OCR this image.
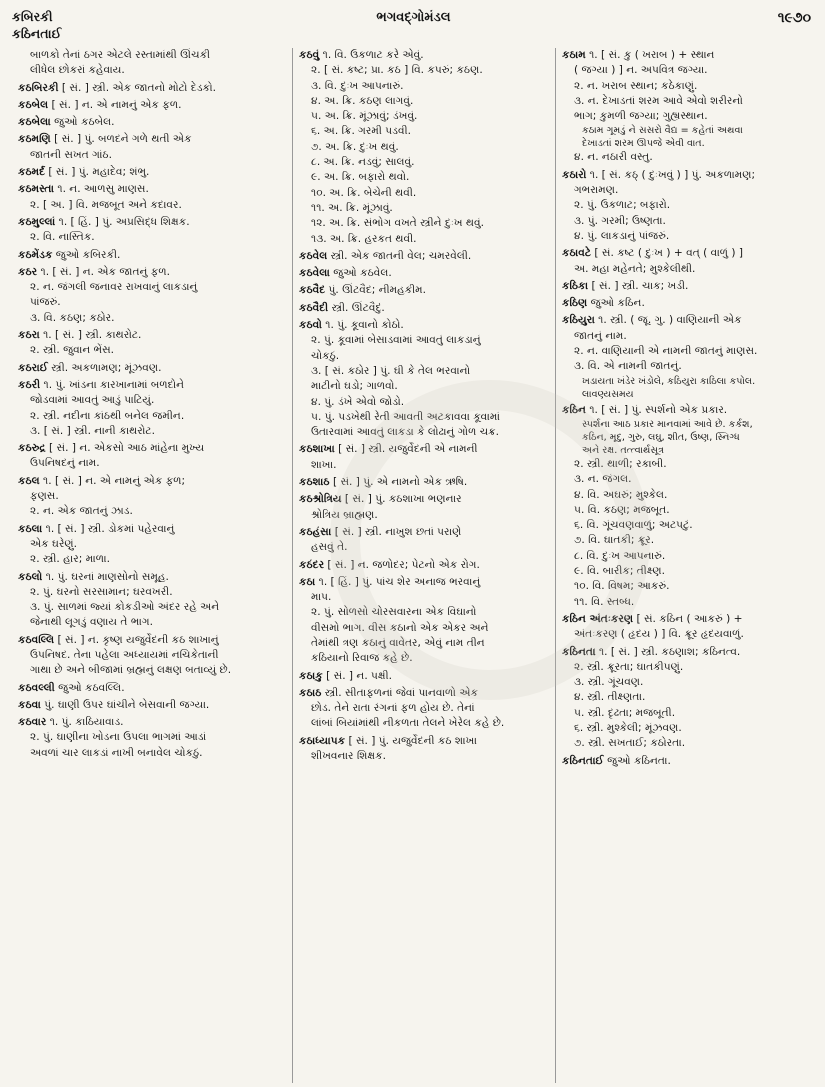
કબિરકી
કઠિનતાઈ
ભગવદ્ગોમંડલ	૧૯૭૦
બાળકો તેનાં ઠગર એટલે રસ્તામાંથી ઊંચકી
લીધેલ છોકરાં કહેવાય.
કઠબિરકી [ સં. ] સ્ત્રી. એક જાતનો મોટો દેડકો.
કઠબેલ [ સં. ] ન. એ નામનું એક ફળ.
કઠબેલા જુઓ કઠબેલ.
કઠમણિ [ સં. ] પું. બળદને ગળે થતી એક
જાતની સખત ગાંઠ.
કઠમર્દ [ સં. ] પું. મહાદેવ; શંભુ.
કઠમસ્તા ૧. ન. આળસુ માણસ.
૨. [ અ. ] વિ. મજબૂત અને કદાવર.
કઠમુલ્લાં ૧. [ હિં. ] પું. અપ્રસિદ્ધ શિક્ષક.
૨. વિ. નાસ્તિક.
કઠમેંડક જુઓ કબિરકી.
કઠર ૧. [ સં. ] ન. એક જાતનું ફળ.
૨. ન. જંગલી જનાવર રાખવાનું લાકડાનું
પાંજરું.
૩. વિ. કઠણ; કઠોર.
કઠરા ૧. [ સં. ] સ્ત્રી. કાથરોટ.
૨. સ્ત્રી. જુવાન ભેંસ.
કઠરાઈ સ્ત્રી. અકળામણ; મૂંઝવણ.
કઠરી ૧. પું. ખાંડના કારખાનામાં બળદોને
જોડવામાં આવતું આડું પાટિયું.
૨. સ્ત્રી. નદીના કાંઠથી બનેલ જમીન.
૩. [ સં. ] સ્ત્રી. નાની કાથરોટ.
કઠરુદ્ર [ સં. ] ન. એકસો આઠ માંહેના મુખ્ય
ઉપનિષદનું નામ.
કઠલ ૧. [ સં. ] ન. એ નામનું એક ફળ;
ફણસ.
૨. ન. એક જાતનું ઝાડ.
કઠલા ૧. [ સં. ] સ્ત્રી. ડોકમાં પહેરવાનું
એક ઘરેણું.
૨. સ્ત્રી. હાર; માળા.
કઠલો ૧. પું. ઘરનાં માણસોનો સમૂહ.
૨. પું. ઘરનો સરસામાન; ઘરવખરી.
૩. પું. સાળમાં જ્યાં કોકડીઓ અંદર રહે અને
જેનાથી લૂગડું વણાય તે ભાગ.
કઠવલ્લિ [ સં. ] ન. કૃષ્ણ યજુર્વેદની કઠ શાખાનું
ઉપનિષદ. તેના પહેલા અધ્યાયમાં નચિકેતાની
ગાથા છે અને બીજામાં બ્રહ્મનું લક્ષણ બતાવ્યું છે.
કઠવલ્લી જુઓ કઠવલ્લિ.
કઠવા પું. ઘાણી ઉપર ઘાંચીને બેસવાની જગ્યા.
કઠવાર ૧. પું. કાઠિયાવાડ.
૨. પું. ઘાણીના ખોડના ઉપલા ભાગમાં આડાં
અવળાં ચાર લાકડાં નાખી બનાવેલ ચોકઠું.
કઠવું ૧. વિ. ઉકળાટ કરે એવું.
૨. [ સં. કષ્ટ; પ્રા. કઠ ] વિ. કપરું; કઠણ.
૩. વિ. દુઃખ આપનારું.
૪. અ. ક્રિ. કઠણ લાગવું.
૫. અ. ક્રિ. મૂંઝાવું; ડંખવું.
૬. અ. ક્રિ. ગરમી પડવી.
૭. અ. ક્રિ. દુઃખ થવું.
૮. અ. ક્રિ. નડવું; સાલવું.
૯. અ. ક્રિ. બફારો થવો.
૧૦. અ. ક્રિ. બેચેની થવી.
૧૧. અ. ક્રિ. મૂંઝાવું.
૧૨. અ. ક્રિ. સંભોગ વખતે સ્ત્રીને દુઃખ થવું.
૧૩. અ. ક્રિ. હરકત થવી.
કઠવેલ સ્ત્રી. એક જાતની વેલ; ચમરવેલી.
કઠવેલા જુઓ કઠવેલ.
કઠવૈદ પું. ઊંટવૈદ; નીમહકીમ.
કઠવૈદી સ્ત્રી. ઊંટવૈદું.
કઠવો ૧. પું. કૂવાનો કોઠો.
૨. પું. કૂવામાં બેસાડવામાં આવતું લાકડાનું
ચોકઠું.
૩. [ સં. કઠોર ] પું. ઘી કે તેલ ભરવાનો
માટીનો ઘડો; ગાળવો.
૪. પું. ડંખે એવો જોડો.
૫. પું. પડખેથી રેતી આવતી અટકાવવા કૂવામાં
ઉતારવામાં આવતું લાકડા કે લોઢાનું ગોળ ચક્ર.
કઠશાખા [ સં. ] સ્ત્રી. યજુર્વેદની એ નામની
શાખા.
કઠશાઠ [ સં. ] પું. એ નામનો એક ઋષિ.
કઠશ્રોત્રિય [ સં. ] પું. કઠશાખા ભણનાર
શ્રોત્રિય બ્રાહ્મણ.
કઠહંસા [ સં. ] સ્ત્રી. નાખુશ છતાં પરાણે
હસવું તે.
કઠંદર [ સં. ] ન. જળોદર; પેટનો એક રોગ.
કઠા ૧. [ હિં. ] પું. પાંચ શેર અનાજ ભરવાનું
માપ.
૨. પું. સોળસો ચોરસવારના એક વિઘાનો
વીસમો ભાગ. વીસ કઠાનો એક એકર અને
તેમાંથી ત્રણ કઠાનું વાવેતર, એવું નામ તીન
કઠિયાનો રિવાજ કહે છે.
કઠાકુ [ સં. ] ન. પક્ષી.
કઠાઠ સ્ત્રી. સીતાફળનાં જેવાં પાનવાળો એક
છોડ. તેને રાતા રંગનાં ફળ હોય છે. તેનાં
લાંબાં બિયાંમાંથી નીકળતા તેલને ખેરેલ કહે છે.
કઠાધ્યાપક [ સં. ] પું. યજુર્વેદની કઠ શાખા
શીખવનાર શિક્ષક.
કઠામ ૧. [ સં. કુ ( ખરાબ ) + સ્થાન
( જગ્યા ) ] ન. અપવિત્ર જગ્યા.
૨. ન. ખરાબ સ્થાન; કઠેકાણું.
૩. ન. દેખાડતાં શરમ આવે એવો શરીરનો
ભાગ; કુમળી જગ્યા; ગુહ્યસ્થાન.
કઠામ ગૂમડું ને સસરો વૈદ્ય = કહેતાં અથવા
દેખાડતાં શરમ ઊપજે એવી વાત.
૪. ન. નઠારી વસ્તુ.
કઠારો ૧. [ સં. કઠ્ ( દુઃખવું ) ] પું. અકળામણ;
ગભરામણ.
૨. પું. ઉકળાટ; બફારો.
૩. પું. ગરમી; ઉષ્ણતા.
૪. પું. લાકડાનું પાંજરું.
કઠાવટે [ સં. કષ્ટ ( દુઃખ ) + વત્ ( વાળું ) ]
અ. મહા મહેનતે; મુશ્કેલીથી.
કઠિકા [ સં. ] સ્ત્રી. ચાક; ખડી.
કઠિણ જુઓ કઠિન.
કઠિયુરા ૧. સ્ત્રી. ( જૂ. ગુ. ) વાણિયાની એક
જાતનું નામ.
૨. ન. વાણિયાની એ નામની જાતનું માણસ.
૩. વિ. એ નામની જાતનું.
ખડાયતા ખંડેર ખંડોલે, કઠિયુરા કાઠિલા કપોલ.
લાવણ્યસમય
કઠિન ૧. [ સં. ] પું. સ્પર્શનો એક પ્રકાર.
સ્પર્શના આઠ પ્રકાર માનવામાં આવે છે. કર્કશ,
કઠિન, મૃદુ, ગુરુ, લઘુ, શીત, ઉષ્ણ, સ્નિગ્ધ
અને રક્ષ. તત્ત્વાર્થસૂત્ર
૨. સ્ત્રી. થાળી; રકાબી.
૩. ન. જંગલ.
૪. વિ. અઘરું; મુશ્કેલ.
૫. વિ. કઠણ; મજબૂત.
૬. વિ. ગૂંચવણવાળું; અટપટું.
૭. વિ. ઘાતકી; ક્રૂર.
૮. વિ. દુઃખ આપનારું.
૯. વિ. બારીક; તીક્ષ્ણ.
૧૦. વિ. વિષમ; આકરું.
૧૧. વિ. સ્તબ્ધ.
કઠિન અંતઃકરણ [ સં. કઠિન ( આકરું ) +
અંતઃકરણ ( હૃદય ) ] વિ. ક્રૂર હૃદયવાળું.
કઠિનતા ૧. [ સં. ] સ્ત્રી. કઠણાશ; કઠિનત્વ.
૨. સ્ત્રી. ક્રૂરતા; ઘાતકીપણું.
૩. સ્ત્રી. ગૂંચવણ.
૪. સ્ત્રી. તીક્ષ્ણતા.
૫. સ્ત્રી. દૃઢતા; મજબૂતી.
૬. સ્ત્રી. મુશ્કેલી; મૂંઝવણ.
૭. સ્ત્રી. સખતાઈ; કઠોરતા.
કઠિનતાઈ જુઓ કઠિનતા.
